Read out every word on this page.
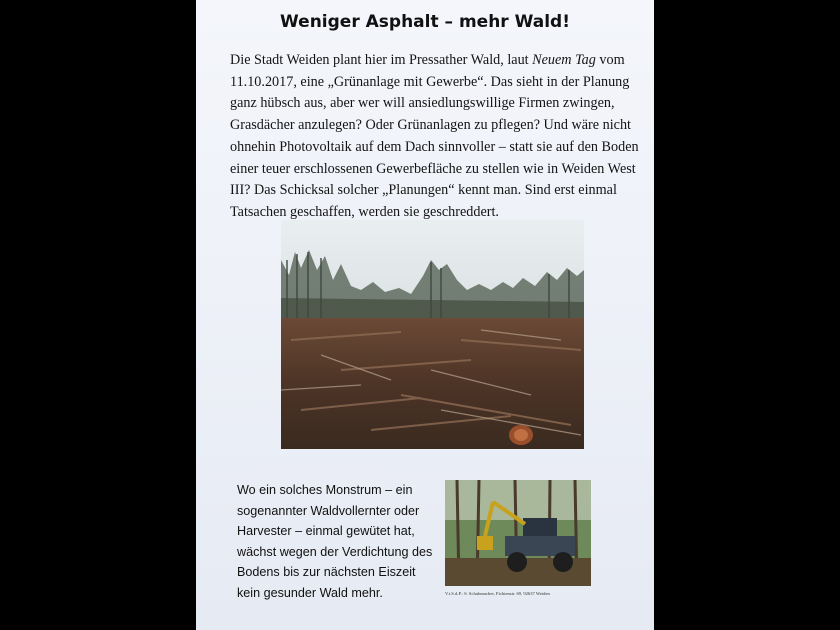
Weniger Asphalt – mehr Wald!
Die Stadt Weiden plant hier im Pressather Wald, laut Neuem Tag vom 11.10.2017, eine „Grünanlage mit Gewerbe“. Das sieht in der Planung ganz hübsch aus, aber wer will ansiedlungswillige Firmen zwingen, Grasdächer anzulegen? Oder Grünanlagen zu pflegen? Und wäre nicht ohnehin Photovoltaik auf dem Dach sinnvoller – statt sie auf den Boden einer teuer erschlossenen Gewerbefläche zu stellen wie in Weiden West III? Das Schicksal solcher „Planungen“ kennt man. Sind erst einmal Tatsachen geschaffen, werden sie geschreddert.
Wo ein solches Monstrum – ein sogenannter Waldvollernter oder Harvester – einmal gewütet hat, wächst wegen der Verdichtung des Bodens bis zur nächsten Eiszeit kein gesunder Wald mehr.	V.i.S.d.P.: S. Schuhmacher, Fichtenstr. 69, 92637 Weiden
